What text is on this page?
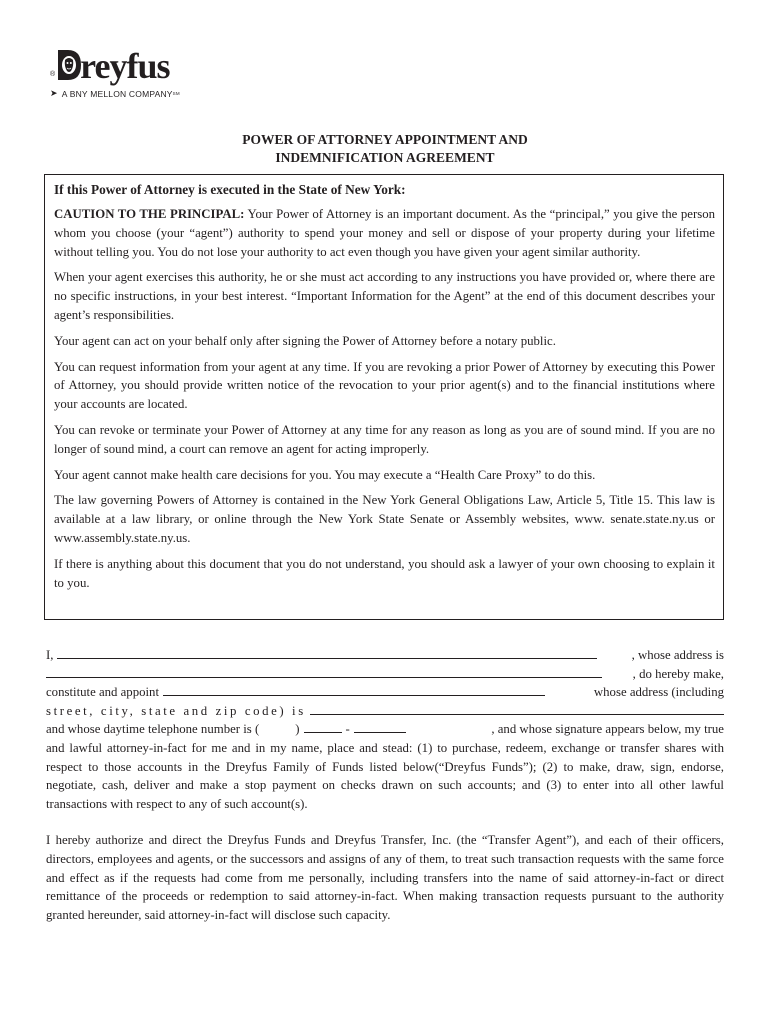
® reyfus
➤ A BNY MELLON COMPANY SM
POWER OF ATTORNEY APPOINTMENT AND
INDEMNIFICATION AGREEMENT
If this Power of Attorney is executed in the State of New York:

CAUTION TO THE PRINCIPAL: Your Power of Attorney is an important document. As the “principal,” you give the person whom you choose (your “agent”) authority to spend your money and sell or dispose of your property during your lifetime without telling you. You do not lose your authority to act even though you have given your agent similar authority.

When your agent exercises this authority, he or she must act according to any instructions you have provided or, where there are no specific instructions, in your best interest. “Important Information for the Agent” at the end of this document describes your agent’s responsibilities.

Your agent can act on your behalf only after signing the Power of Attorney before a notary public.

You can request information from your agent at any time. If you are revoking a prior Power of Attorney by executing this Power of Attorney, you should provide written notice of the revocation to your prior agent(s) and to the financial institutions where your accounts are located.

You can revoke or terminate your Power of Attorney at any time for any reason as long as you are of sound mind. If you are no longer of sound mind, a court can remove an agent for acting improperly.

Your agent cannot make health care decisions for you. You may execute a “Health Care Proxy” to do this.

The law governing Powers of Attorney is contained in the New York General Obligations Law, Article 5, Title 15. This law is available at a law library, or online through the New York State Senate or Assembly websites, www. senate.state.ny.us or www.assembly.state.ny.us.

If there is anything about this document that you do not understand, you should ask a lawyer of your own choosing to explain it to you.

I,	, whose address is
, do hereby make,
constitute and appoint	whose address (including
street, city, state and zip code) is
and whose daytime telephone number is (	)	-	, and whose signature appears below, my true

and lawful attorney-in-fact for me and in my name, place and stead: (1) to purchase, redeem, exchange or transfer shares with respect to those accounts in the Dreyfus Family of Funds listed below(“Dreyfus Funds”); (2) to make, draw, sign, endorse, negotiate, cash, deliver and make a stop payment on checks drawn on such accounts; and (3) to enter into all other lawful transactions with respect to any of such account(s).

I hereby authorize and direct the Dreyfus Funds and Dreyfus Transfer, Inc. (the “Transfer Agent”), and each of their officers, directors, employees and agents, or the successors and assigns of any of them, to treat such transaction requests with the same force and effect as if the requests had come from me personally, including transfers into the name of said attorney-in-fact or direct remittance of the proceeds or redemption to said attorney-in-fact. When making transaction requests pursuant to the authority granted hereunder, said attorney-in-fact will disclose such capacity.
